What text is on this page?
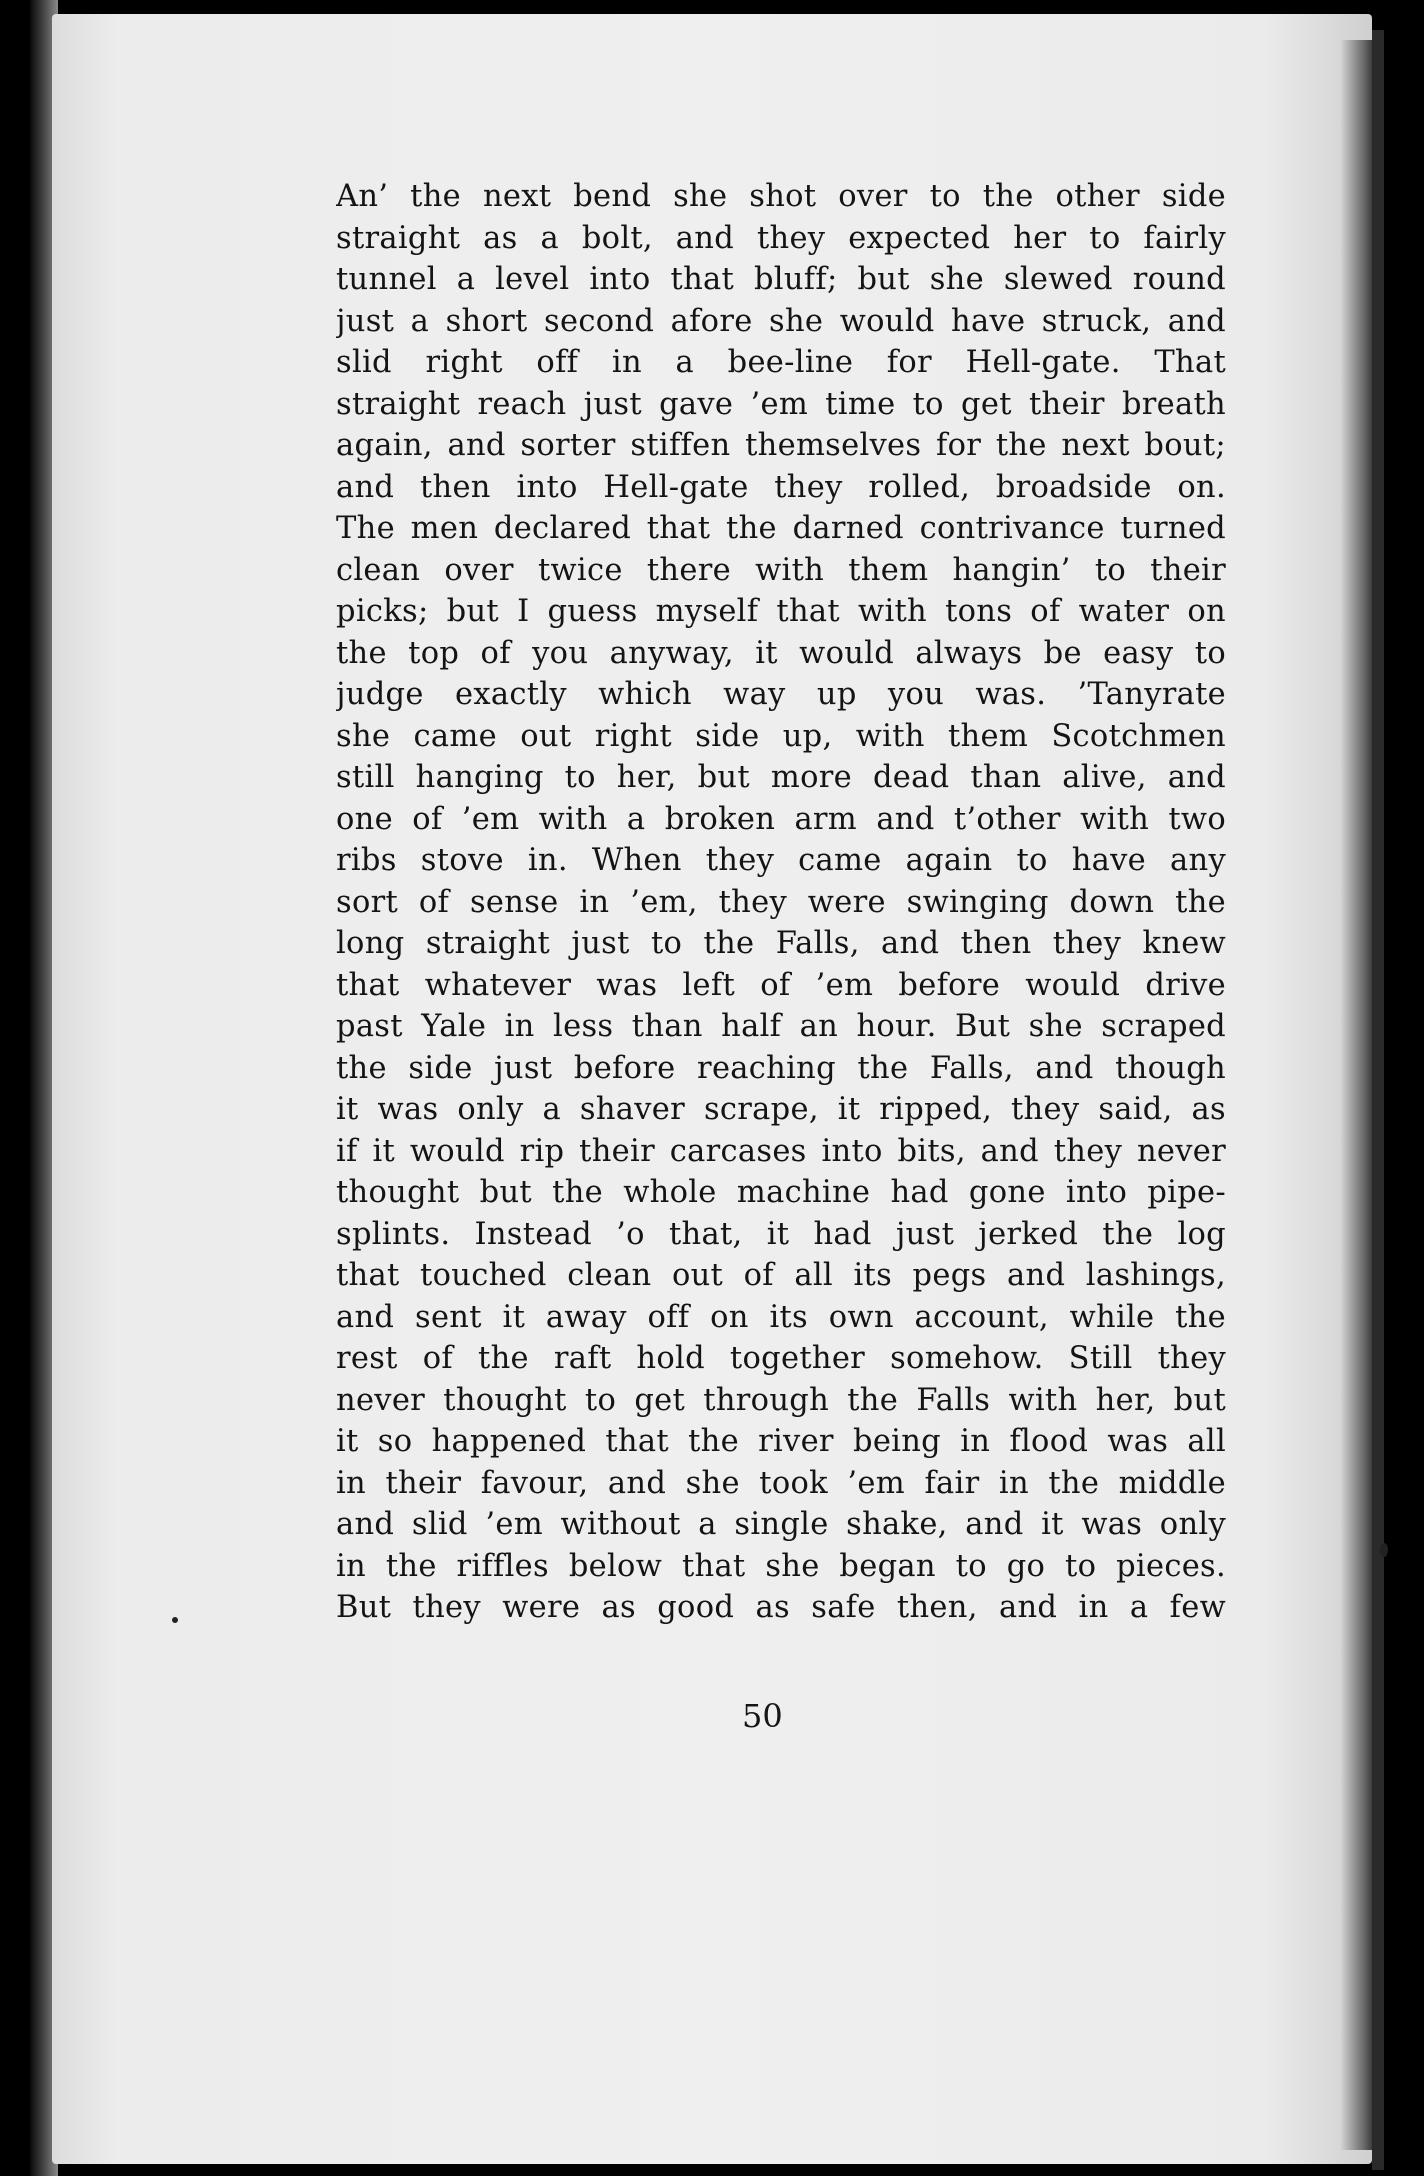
An’ the next bend she shot over to the other side
straight as a bolt, and they expected her to fairly
tunnel a level into that bluff; but she slewed round
just a short second afore she would have struck, and
slid right off in a bee-line for Hell-gate. That
straight reach just gave ’em time to get their breath
again, and sorter stiffen themselves for the next bout;
and then into Hell-gate they rolled, broadside on.
The men declared that the darned contrivance turned
clean over twice there with them hangin’ to their
picks; but I guess myself that with tons of water on
the top of you anyway, it would always be easy to
judge exactly which way up you was. ’Tanyrate
she came out right side up, with them Scotchmen
still hanging to her, but more dead than alive, and
one of ’em with a broken arm and t’other with two
ribs stove in. When they came again to have any
sort of sense in ’em, they were swinging down the
long straight just to the Falls, and then they knew
that whatever was left of ’em before would drive
past Yale in less than half an hour. But she scraped
the side just before reaching the Falls, and though
it was only a shaver scrape, it ripped, they said, as
if it would rip their carcases into bits, and they never
thought but the whole machine had gone into pipe-
splints. Instead ’o that, it had just jerked the log
that touched clean out of all its pegs and lashings,
and sent it away off on its own account, while the
rest of the raft hold together somehow. Still they
never thought to get through the Falls with her, but
it so happened that the river being in flood was all
in their favour, and she took ’em fair in the middle
and slid ’em without a single shake, and it was only
in the riffles below that she began to go to pieces.
But they were as good as safe then, and in a few
50
